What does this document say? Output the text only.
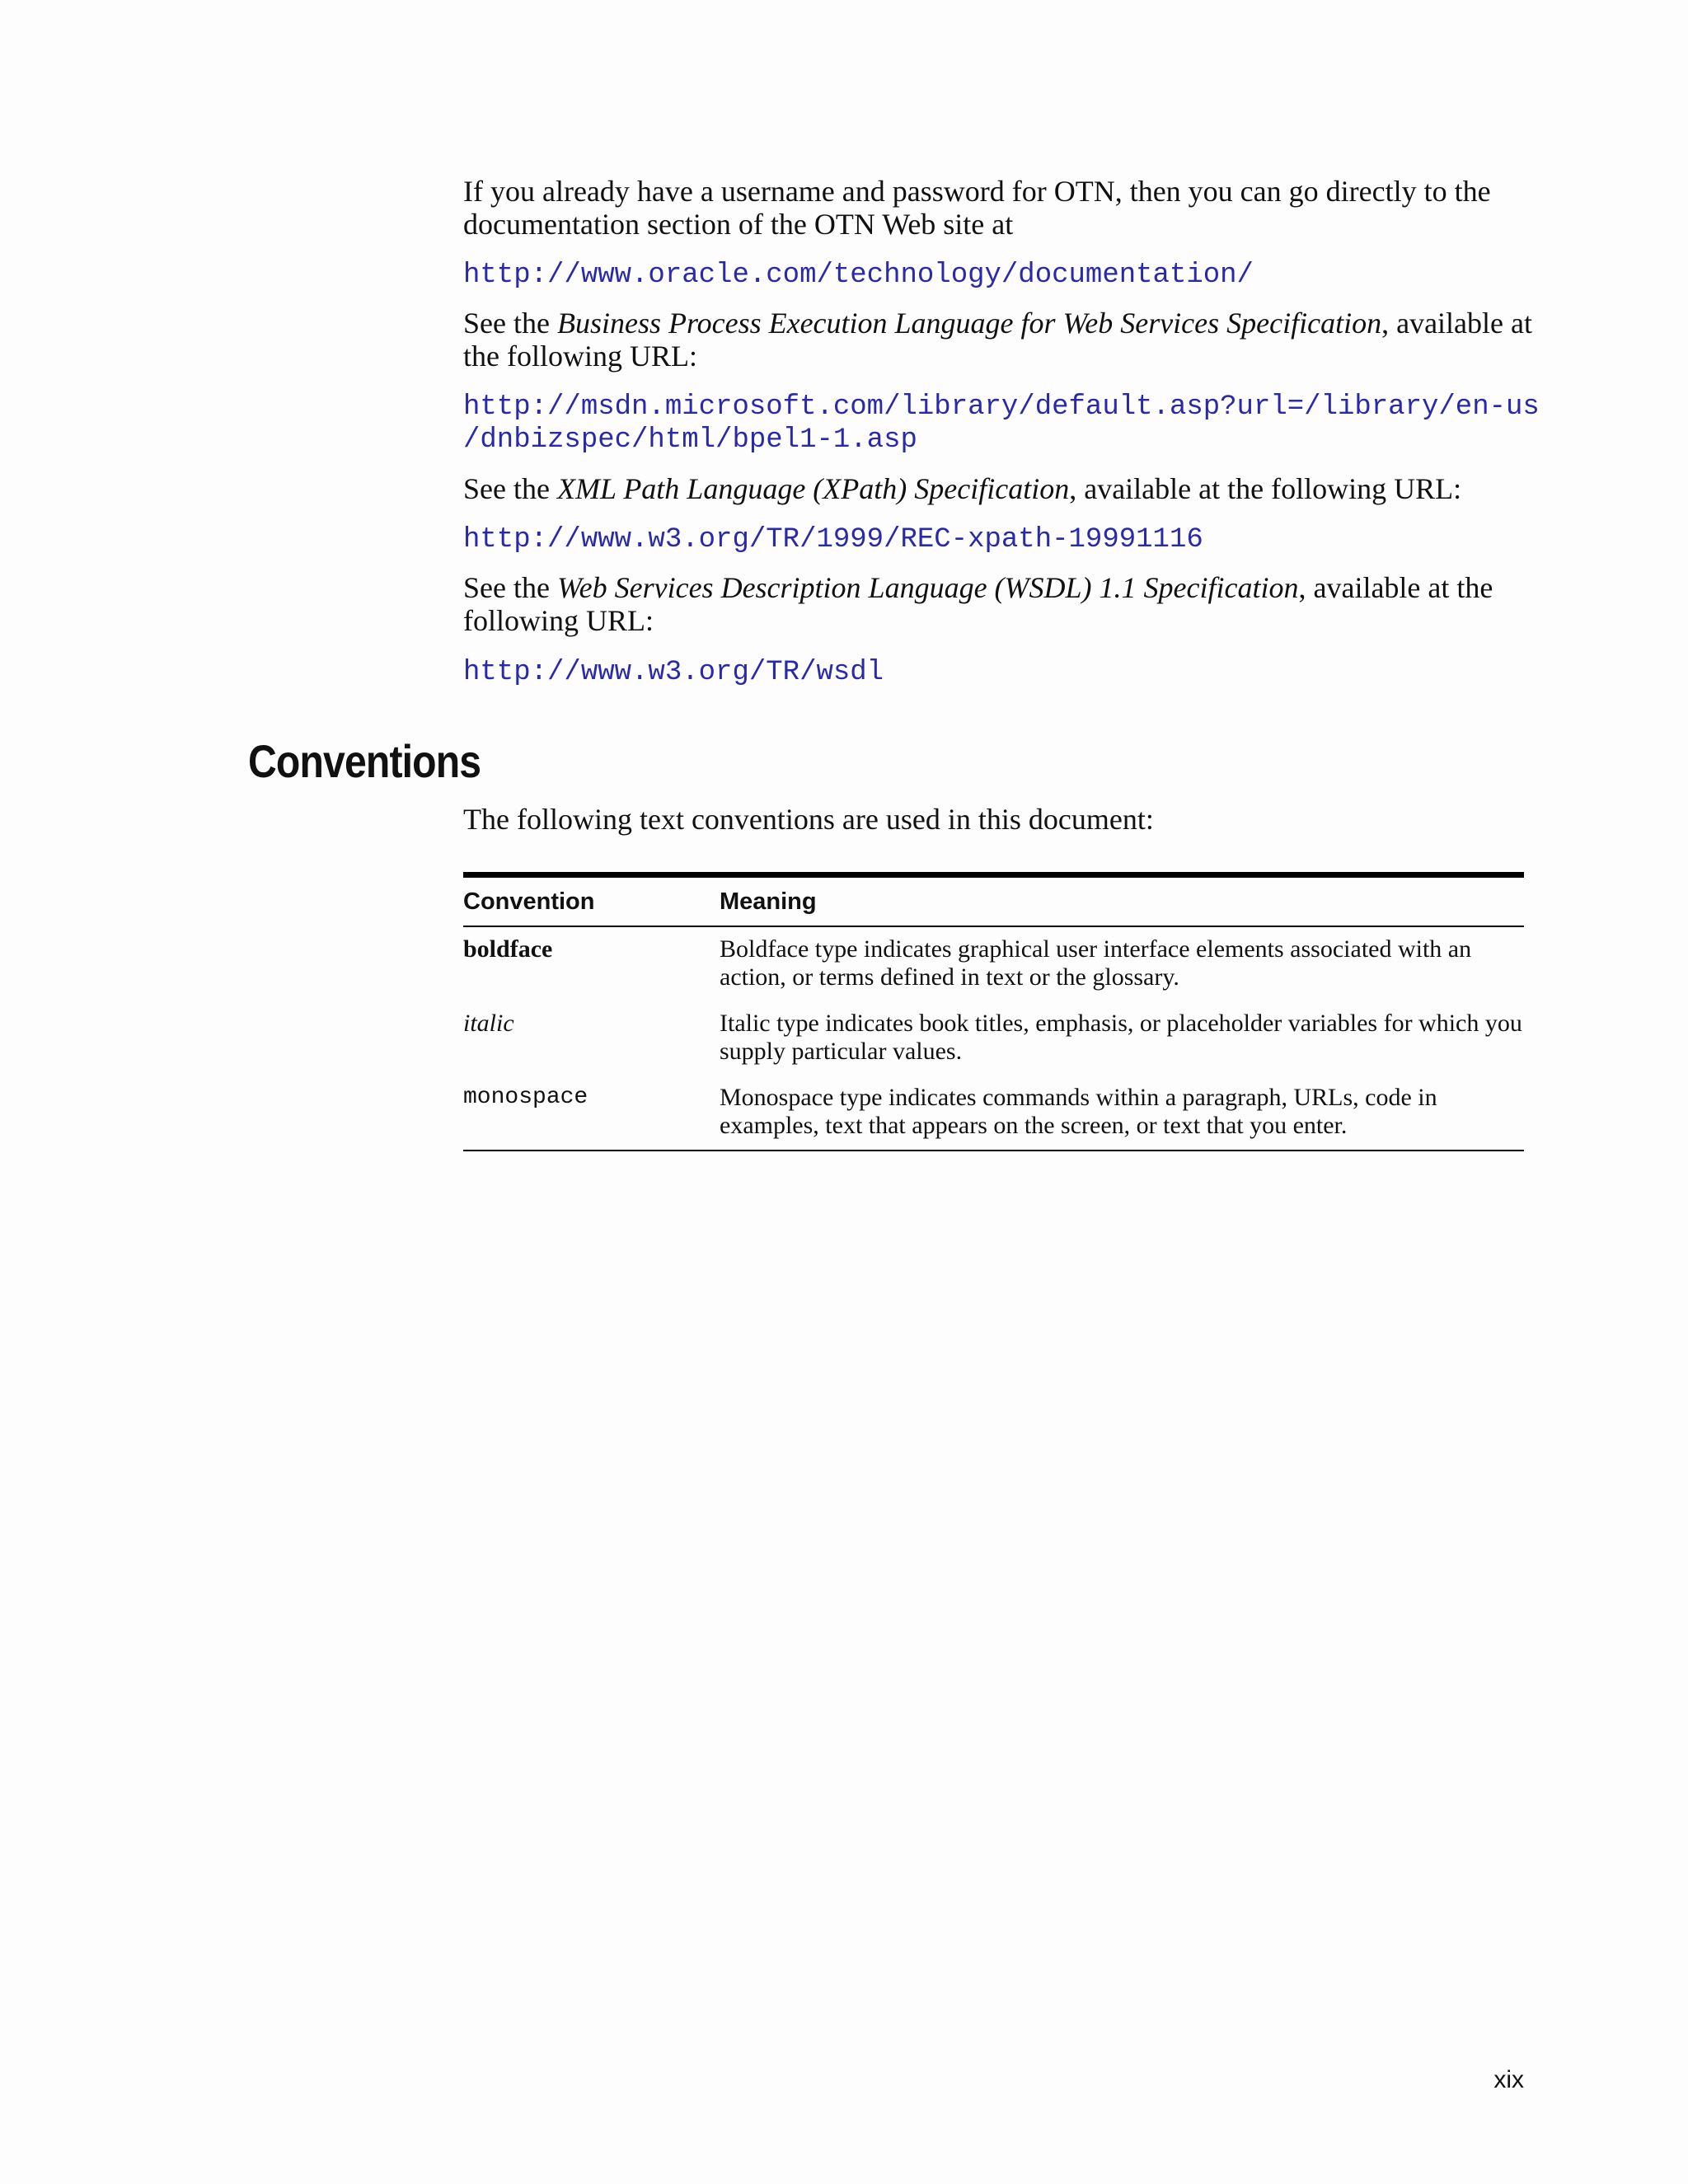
If you already have a username and password for OTN, then you can go directly to the documentation section of the OTN Web site at

http://www.oracle.com/technology/documentation/

See the Business Process Execution Language for Web Services Specification, available at the following URL:

http://msdn.microsoft.com/library/default.asp?url=/library/en-us
/dnbizspec/html/bpel1-1.asp

See the XML Path Language (XPath) Specification, available at the following URL:

http://www.w3.org/TR/1999/REC-xpath-19991116

See the Web Services Description Language (WSDL) 1.1 Specification, available at the following URL:

http://www.w3.org/TR/wsdl
Conventions

The following text conventions are used in this document:

Convention	Meaning
boldface	Boldface type indicates graphical user interface elements associated with an action, or terms defined in text or the glossary.
italic	Italic type indicates book titles, emphasis, or placeholder variables for which you supply particular values.
monospace	Monospace type indicates commands within a paragraph, URLs, code in examples, text that appears on the screen, or text that you enter.
xix
